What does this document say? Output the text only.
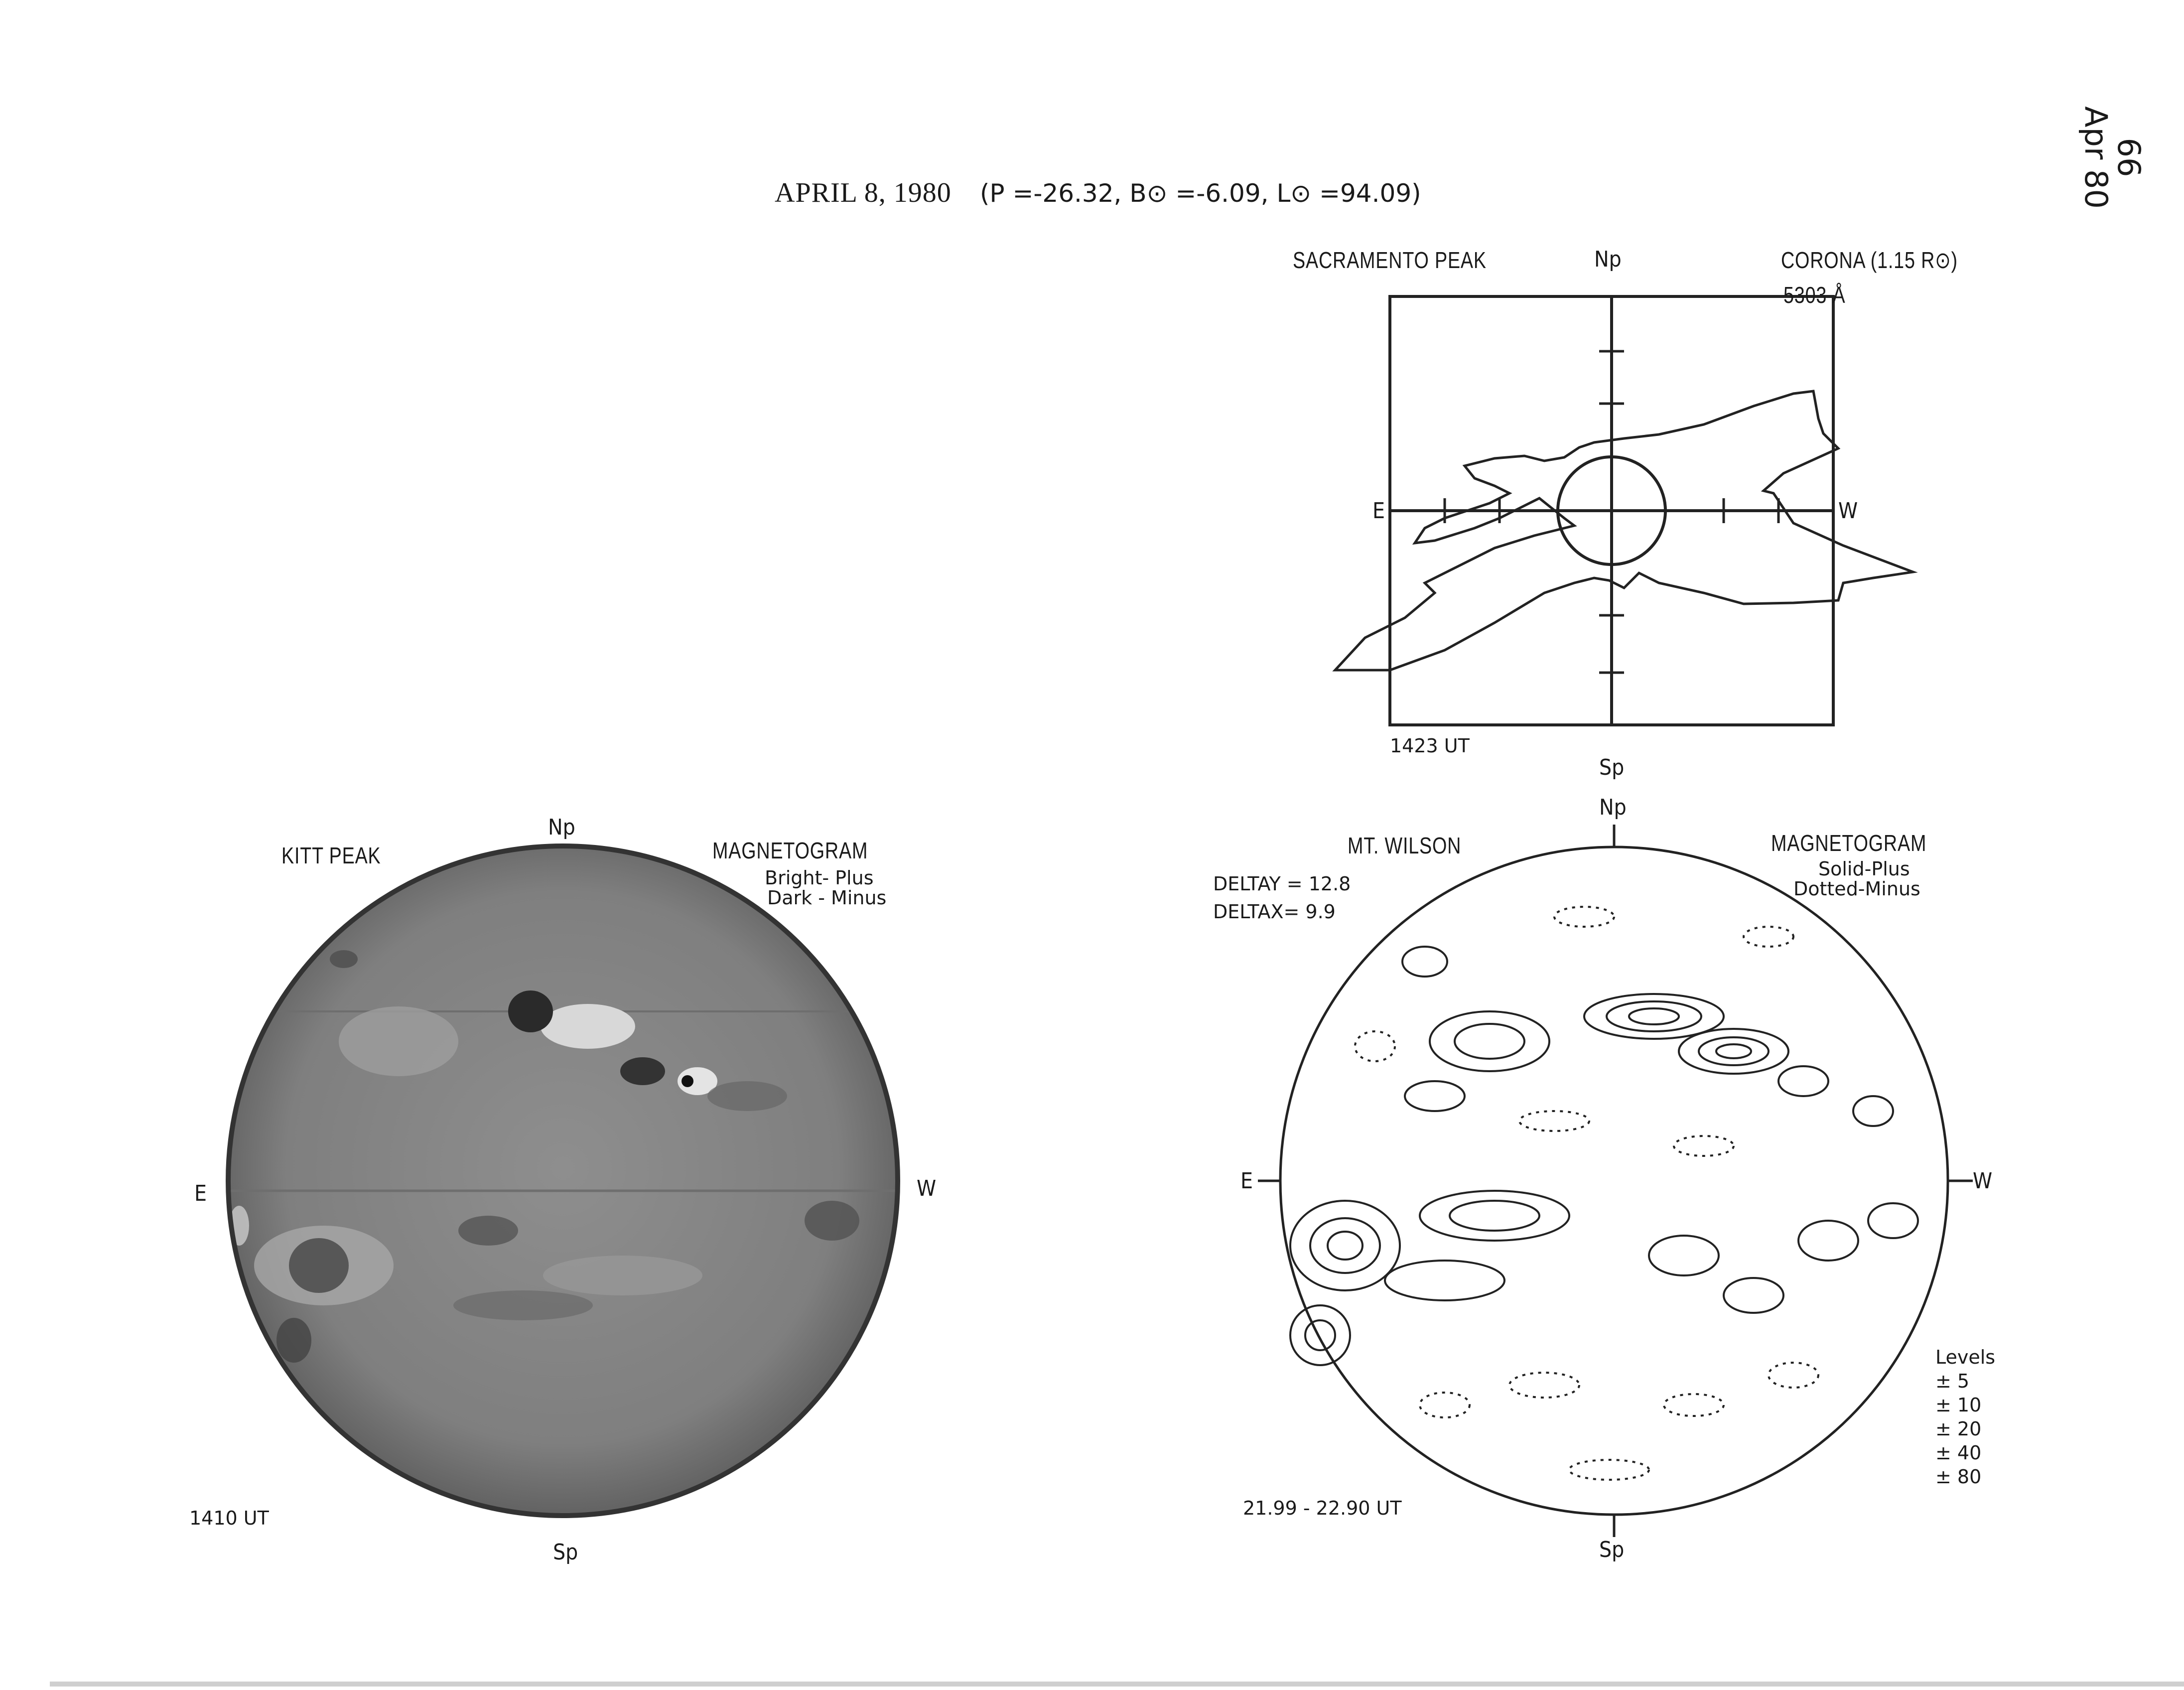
APRIL 8, 1980 (P =-26.32, B⊙ =-6.09, L⊙ =94.09)
66
Apr 80
SACRAMENTO PEAK	Np	CORONA (1.15 R⊙)
5303 Å
E	W
1423 UT
Sp
KITT PEAK
Np
MAGNETOGRAM
Bright- Plus
Dark - Minus
E	W
1410 UT
Sp
Np
MT. WILSON	MAGNETOGRAM
Solid-Plus
Dotted-Minus
DELTAY = 12.8
DELTAX= 9.9
E	W
21.99 - 22.90 UT
Sp
Levels
± 5
± 10
± 20
± 40
± 80
